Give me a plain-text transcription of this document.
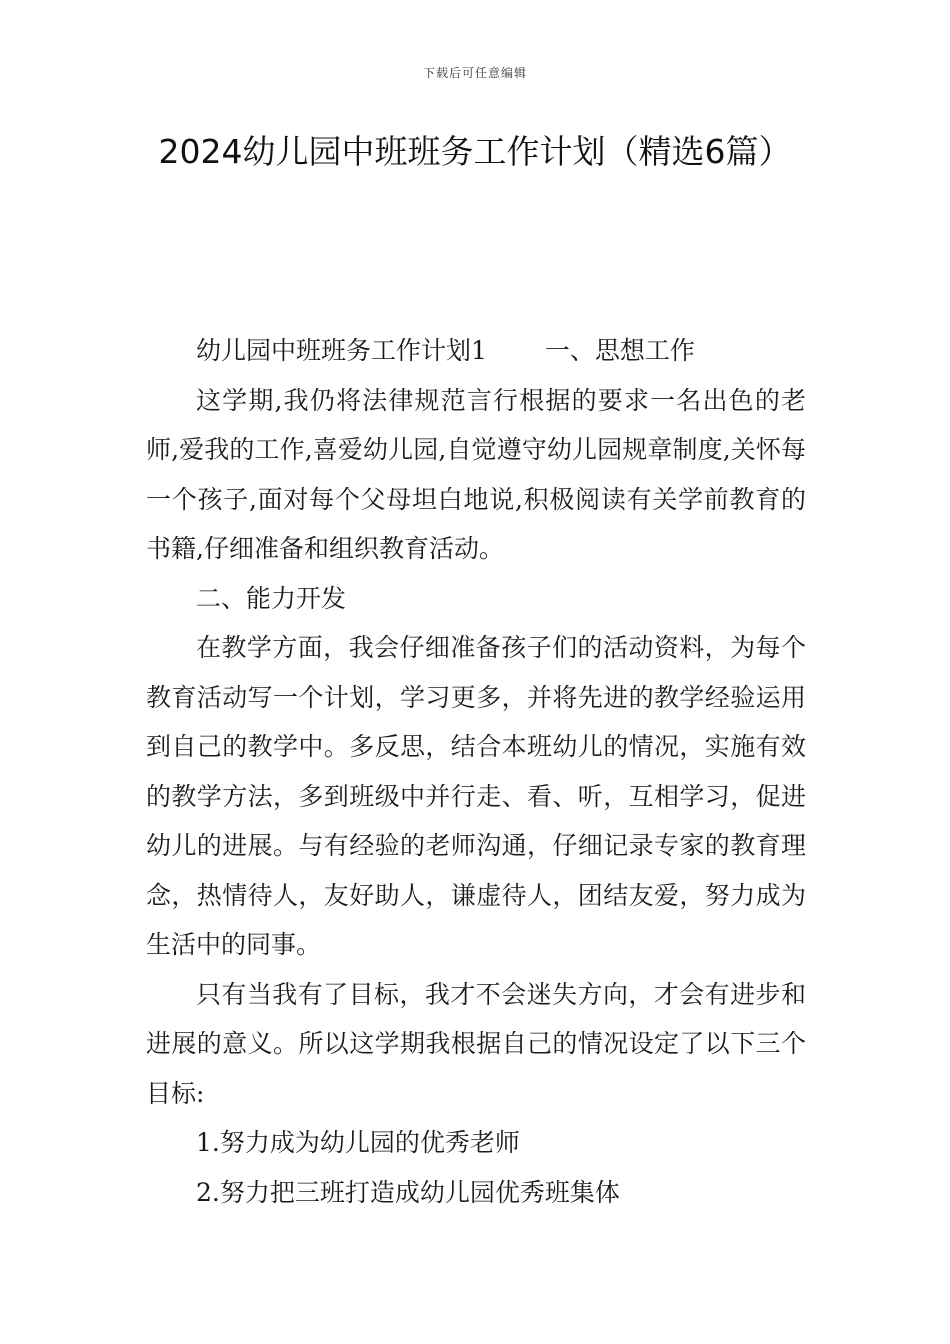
下载后可任意编辑
2024幼儿园中班班务工作计划（精选6篇）

幼儿园中班班务工作计划1 一、思想工作

这学期,我仍将法律规范言行根据的要求一名出色的老师,爱我的工作,喜爱幼儿园,自觉遵守幼儿园规章制度,关怀每一个孩子,面对每个父母坦白地说,积极阅读有关学前教育的书籍,仔细准备和组织教育活动。

二、能力开发

在教学方面，我会仔细准备孩子们的活动资料，为每个教育活动写一个计划，学习更多，并将先进的教学经验运用到自己的教学中。多反思，结合本班幼儿的情况，实施有效的教学方法，多到班级中并行走、看、听，互相学习，促进幼儿的进展。与有经验的老师沟通，仔细记录专家的教育理念，热情待人，友好助人，谦虚待人，团结友爱，努力成为生活中的同事。

只有当我有了目标，我才不会迷失方向，才会有进步和进展的意义。所以这学期我根据自己的情况设定了以下三个目标:

1.努力成为幼儿园的优秀老师

2.努力把三班打造成幼儿园优秀班集体
